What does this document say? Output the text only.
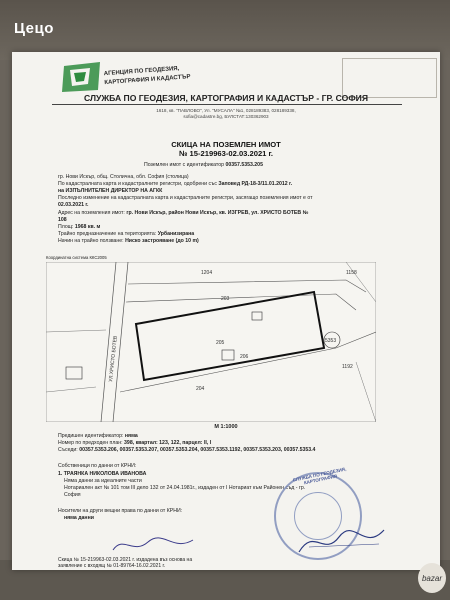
Цецо
АГЕНЦИЯ ПО ГЕОДЕЗИЯ,
КАРТОГРАФИЯ И КАДАСТЪР
СЛУЖБА ПО ГЕОДЕЗИЯ, КАРТОГРАФИЯ И КАДАСТЪР - ГР. СОФИЯ
1618, кв. "ПАВЛОВО", Ул. "МУСАЛА" №1, 028189383, 028189338,
sofia@cadastre.bg, БУЛСТАТ:130362903
СКИЦА НА ПОЗЕМЛЕН ИМОТ
№ 15-219963-02.03.2021 г.
Поземлен имот с идентификатор 00357.5353.205
гр. Нови Искър, общ. Столична, обл. София (столица)
По кадастралната карта и кадастралните регистри, одобрени със Заповед РД-18-3/11.01.2012 г.
на ИЗПЪЛНИТЕЛЕН ДИРЕКТОР НА АГКК
Последно изменение на кадастралната карта и кадастралните регистри, засягащо поземления имот е от
02.03.2021 г.
Адрес на поземления имот: гр. Нови Искър, район Нови Искър, кв. ИЗГРЕВ, ул. ХРИСТО БОТЕВ №
108
Площ: 1968 кв. м
Трайно предназначение на територията: Урбанизирана
Начин на трайно ползване: Ниско застрояване (до 10 m)
Координатна система ККС2005
1204
203
205
206
204
5353
1192
1158
УЛ.ХРИСТО БОТЕВ
М 1:1000
Предишен идентификатор: няма
Номер по предходен план: 398, квартал: 123, 122, парцел: II, I
Съседи: 00357.5353.206, 00357.5353.207, 00357.5353.204, 00357.5353.1192, 00357.5353.203, 00357.5353.4
Собственици по данни от КРНИ:
1. ТРАЯНКА НИКОЛОВА ИВАНОВА
Няма данни за идеалните части
Нотариален акт № 101 том III дело 132 от 24.04.1981г., издаден от I Нотариат към Районен съд - гр.
София
Носители на други вещни права по данни от КРНИ:
няма данни
СЛУЖБА ПО ГЕОДЕЗИЯ, КАРТОГРАФИЯ
Скица № 15-219963-02.03.2021 г. издадена въз основа на
заявление с входящ № 01-89764-16.02.2021 г.
bazar
